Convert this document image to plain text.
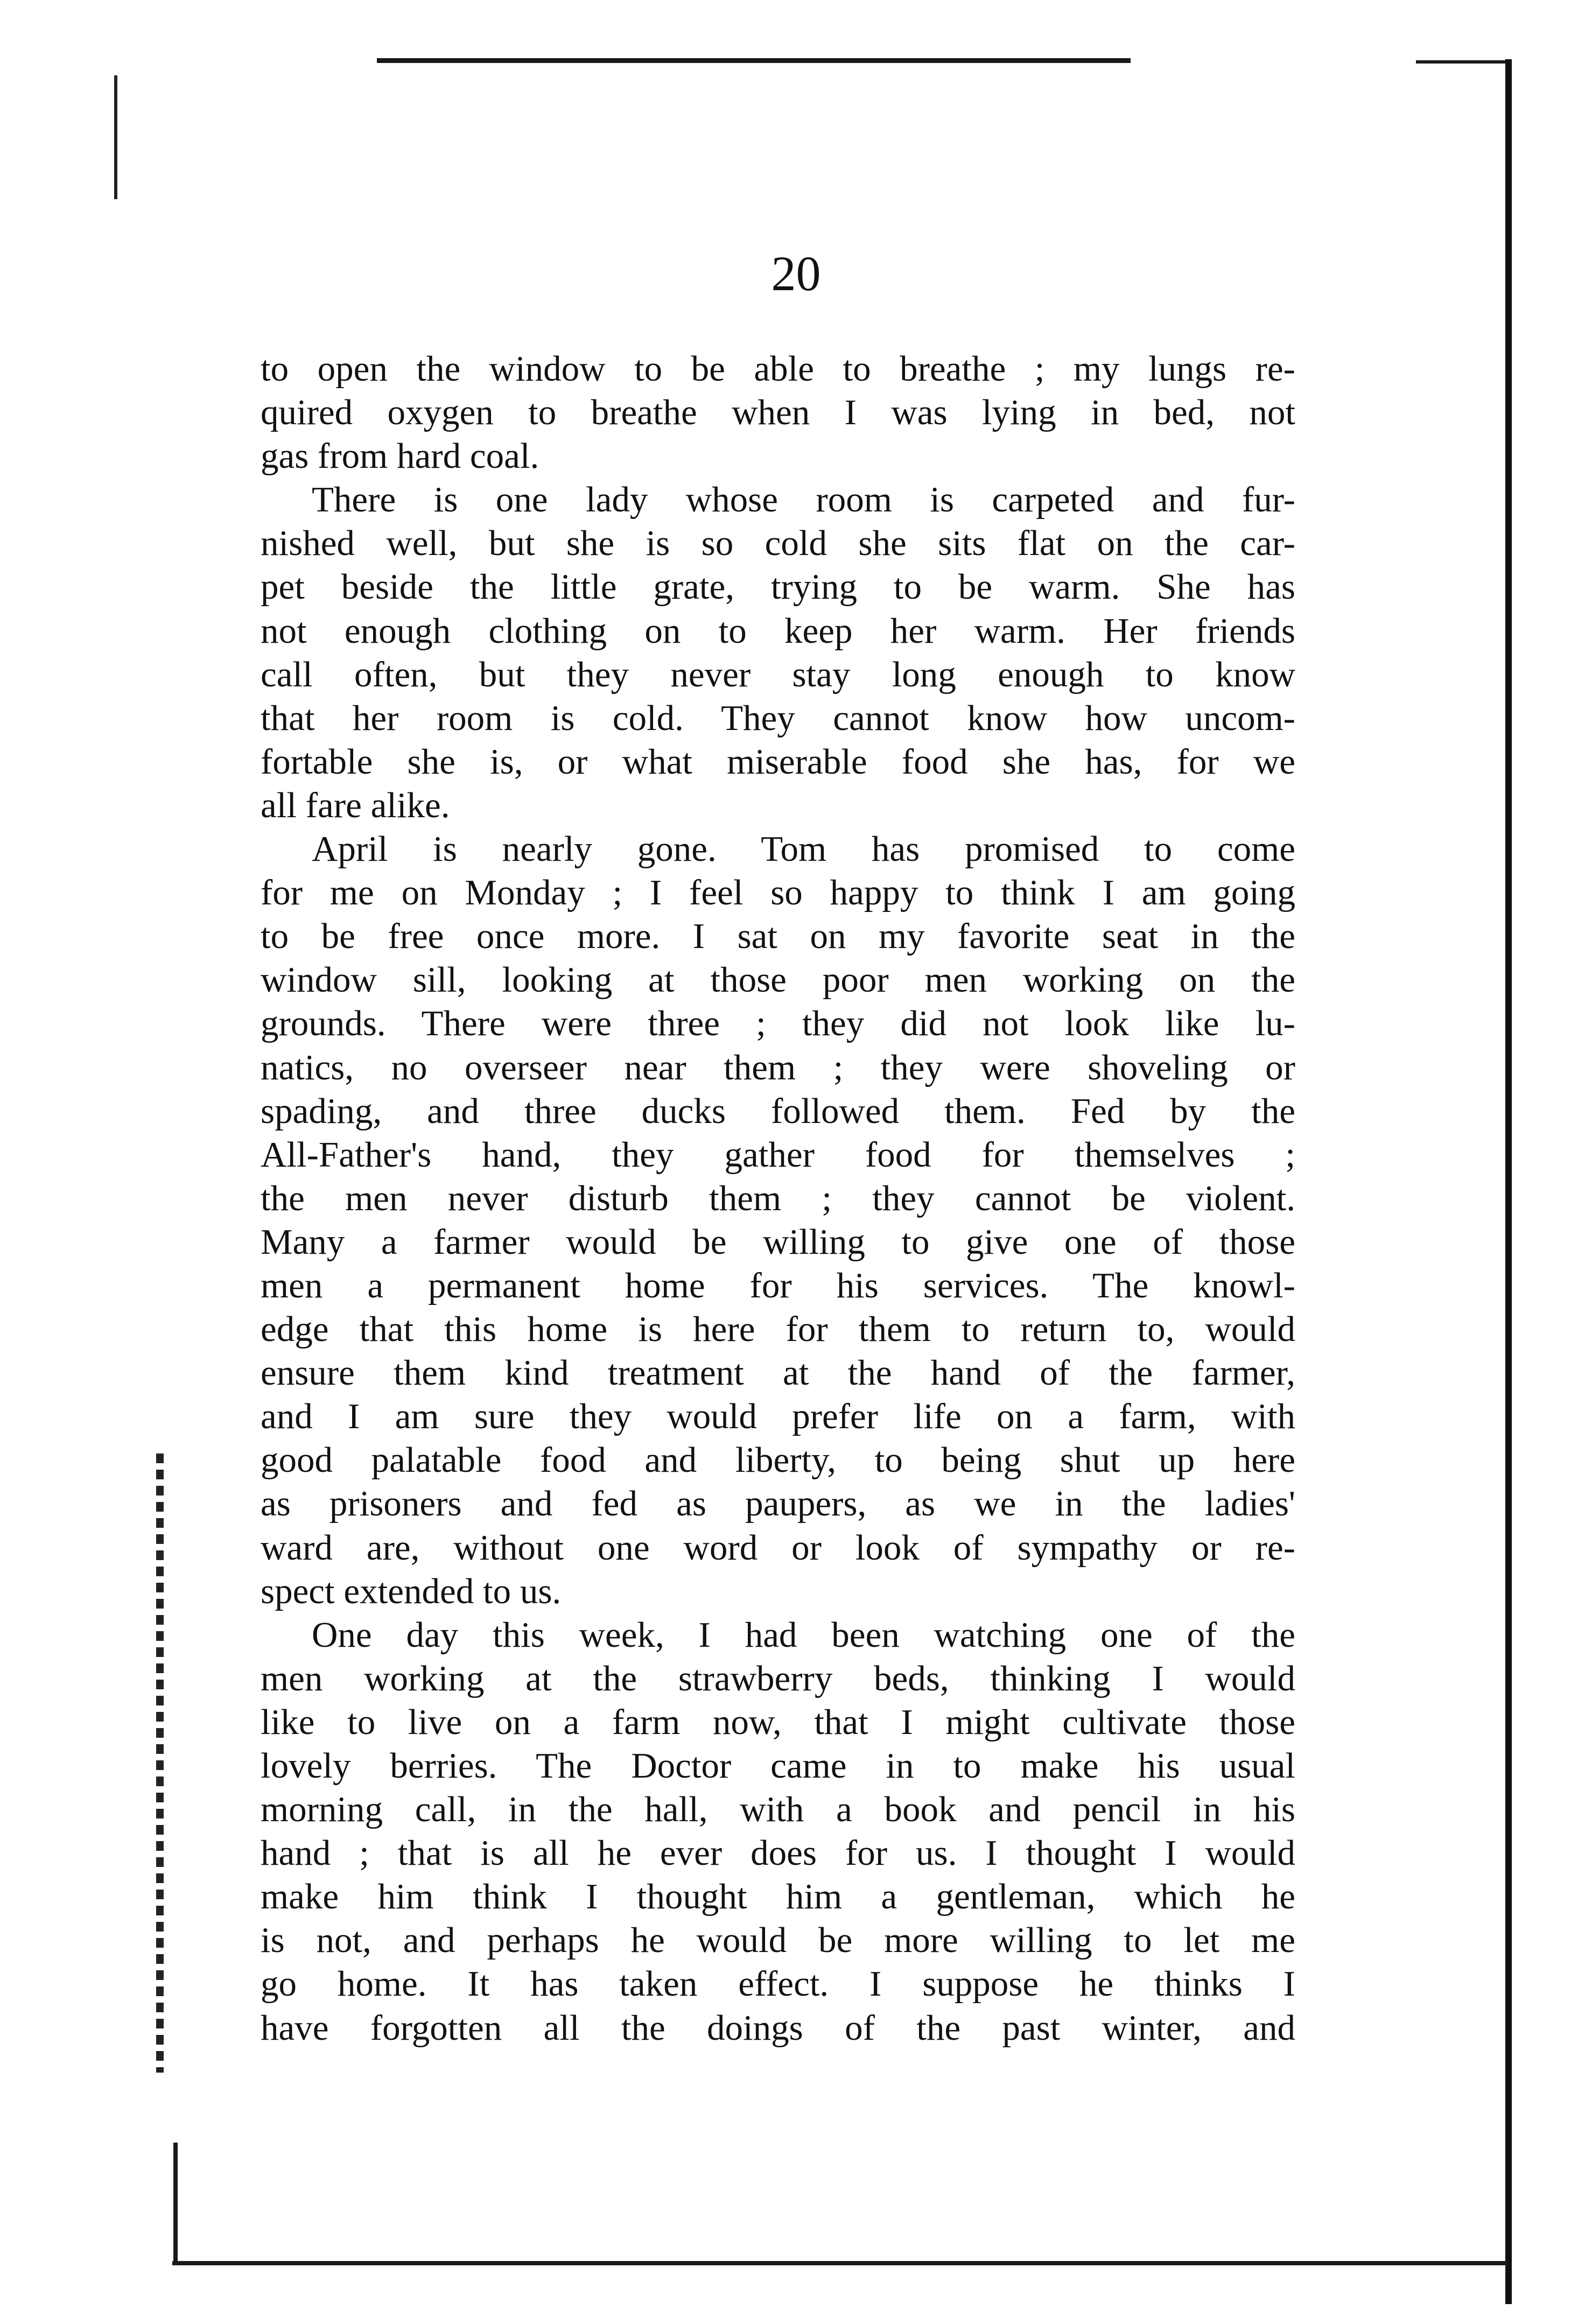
20
to open the window to be able to breathe ; my lungs re-
quired oxygen to breathe when I was lying in bed, not
gas from hard coal.
There is one lady whose room is carpeted and fur-
nished well, but she is so cold she sits flat on the car-
pet beside the little grate, trying to be warm. She has
not enough clothing on to keep her warm. Her friends
call often, but they never stay long enough to know
that her room is cold. They cannot know how uncom-
fortable she is, or what miserable food she has, for we
all fare alike.
April is nearly gone. Tom has promised to come
for me on Monday ; I feel so happy to think I am going
to be free once more. I sat on my favorite seat in the
window sill, looking at those poor men working on the
grounds. There were three ; they did not look like lu-
natics, no overseer near them ; they were shoveling or
spading, and three ducks followed them. Fed by the
All-Father's hand, they gather food for themselves ;
the men never disturb them ; they cannot be violent.
Many a farmer would be willing to give one of those
men a permanent home for his services. The knowl-
edge that this home is here for them to return to, would
ensure them kind treatment at the hand of the farmer,
and I am sure they would prefer life on a farm, with
good palatable food and liberty, to being shut up here
as prisoners and fed as paupers, as we in the ladies'
ward are, without one word or look of sympathy or re-
spect extended to us.
One day this week, I had been watching one of the
men working at the strawberry beds, thinking I would
like to live on a farm now, that I might cultivate those
lovely berries. The Doctor came in to make his usual
morning call, in the hall, with a book and pencil in his
hand ; that is all he ever does for us. I thought I would
make him think I thought him a gentleman, which he
is not, and perhaps he would be more willing to let me
go home. It has taken effect. I suppose he thinks I
have forgotten all the doings of the past winter, and
